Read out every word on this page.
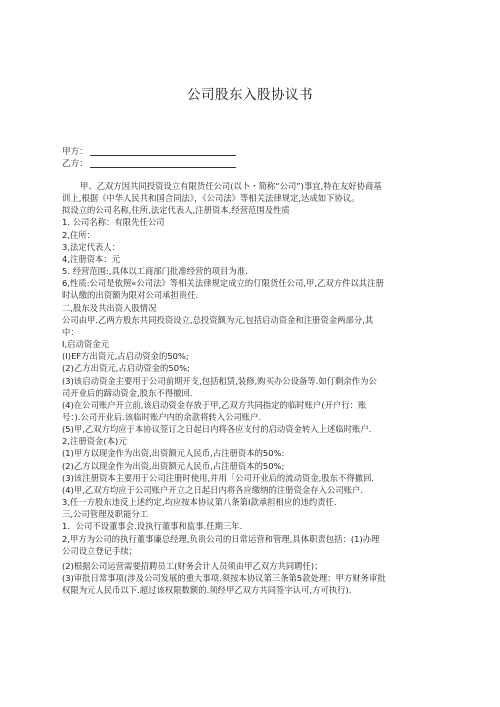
公司股东入股协议书
甲方：
乙方：

甲、乙双方因共同投资设立有限货任公司(以卜・简称“公司”)事宜,特在友好协商基

训上,根据《中华人民共和国合同法》，《公司法》等相关法律规定,达成如下协议。

拟设立的公司名称,住所,法定代表人,注册资本,经营范围及性质

1. 公司名称：有限先任公司

2,住所：

3,法定代表人：

4,注册资本：元

5. 经营范围:,具体以工商部门批准经营的项目为准.

6,性质:公司是依照«公司法》等相关法律规定成立的仃限货任公司,甲,乙双方件以其注册

时认缴的出资额为限对公司承担贵任.

二,股东及共出资入股情况

公司由甲.乙两方股东共同投资设立,总投资额为元,包括启动资金和注册资金两部分,其

中：

I,启动资金元

(I)EF方出资元,占启动资金的50%;

(2)乙方出资元,占启动资金的50%;

(3)该启动资金主要用于公司前期开支,包括租赁,装修,购买办公设备等.如仃剩余作为公

司开业后的蹄动资金,股东不得撤回.

(4)在公司账户开立前,该启动资金存放于甲,乙双方共同指定的临时账户(开户行：账

号：).公司开业后.该临时账户内的余款将转入公司账户.

(5)甲,乙双方均应于本协议签订之日起日内将各应支付的启动资金转入上述临时账户.

2,注册资金(本)元

(1)甲方以现金作为出资,出资额元人民币,占注册资本的50%:

(2)乙方以现金作为出资,出资额元人民币,占注册资本的50%;

(3)该注册资本主要用于公司注册时使用,并用「公司开业后的流动资金,股东不得撤回.

(4)甲,乙双方均应于公司账户开立之日起日内将各应缴纳的注册资金存入公司账户.

3,任一方股东违反上述约定,均应按本协议第八条第I款承担相应的违约责任.

三,公司管理及职能分工

1．公司不设董事会.设执行董事和监事.任期三年.

2,甲方为公司的执行董事廉总经理,负贵公司的日常运营和管理,具体职责包括：(1)办理

公司设立登记手续；

(2)根据公司运营需要招聘员工(财务会计人员须由甲乙双方共同聘任)；

(3)审批日常事项(涉及公司发展的重大事项.须按本协议第三条第5款处理：甲方财务审批

权限为元人民币以下.超过该权限数额的.须经甲乙双方共同签字认可,方可执行).
